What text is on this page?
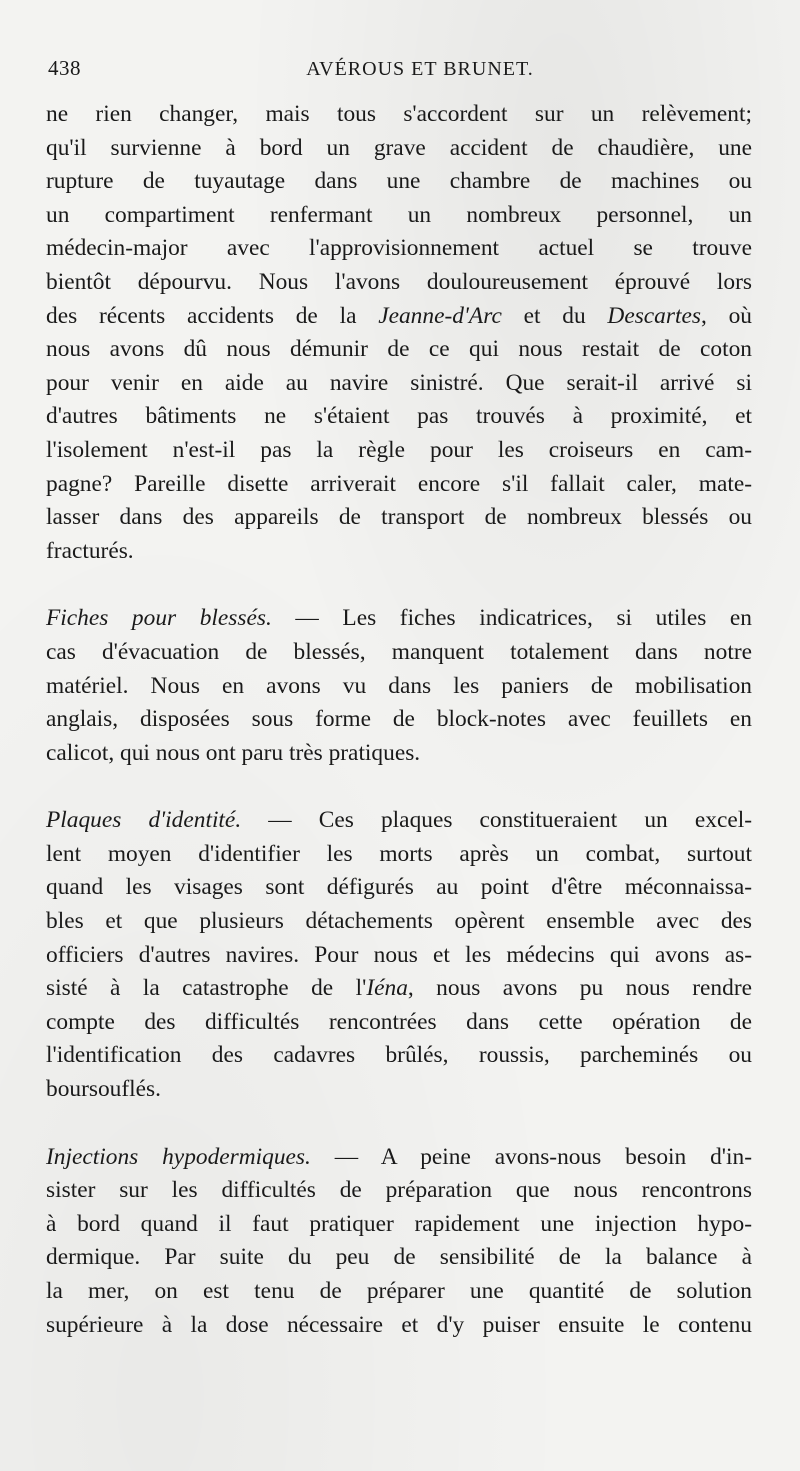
438	AVÉROUS ET BRUNET.

ne rien changer, mais tous s'accordent sur un relèvement;
qu'il survienne à bord un grave accident de chaudière, une
rupture de tuyautage dans une chambre de machines ou
un compartiment renfermant un nombreux personnel, un
médecin-major avec l'approvisionnement actuel se trouve
bientôt dépourvu. Nous l'avons douloureusement éprouvé lors
des récents accidents de la Jeanne-d'Arc et du Descartes, où
nous avons dû nous démunir de ce qui nous restait de coton
pour venir en aide au navire sinistré. Que serait-il arrivé si
d'autres bâtiments ne s'étaient pas trouvés à proximité, et
l'isolement n'est-il pas la règle pour les croiseurs en cam-
pagne? Pareille disette arriverait encore s'il fallait caler, mate-
lasser dans des appareils de transport de nombreux blessés ou
fracturés.

Fiches pour blessés. — Les fiches indicatrices, si utiles en
cas d'évacuation de blessés, manquent totalement dans notre
matériel. Nous en avons vu dans les paniers de mobilisation
anglais, disposées sous forme de block-notes avec feuillets en
calicot, qui nous ont paru très pratiques.

Plaques d'identité. — Ces plaques constitueraient un excel-
lent moyen d'identifier les morts après un combat, surtout
quand les visages sont défigurés au point d'être méconnaissa-
bles et que plusieurs détachements opèrent ensemble avec des
officiers d'autres navires. Pour nous et les médecins qui avons as-
sisté à la catastrophe de l'Iéna, nous avons pu nous rendre
compte des difficultés rencontrées dans cette opération de
l'identification des cadavres brûlés, roussis, parcheminés ou
boursouflés.

Injections hypodermiques. — A peine avons-nous besoin d'in-
sister sur les difficultés de préparation que nous rencontrons
à bord quand il faut pratiquer rapidement une injection hypo-
dermique. Par suite du peu de sensibilité de la balance à
la mer, on est tenu de préparer une quantité de solution
supérieure à la dose nécessaire et d'y puiser ensuite le contenu
